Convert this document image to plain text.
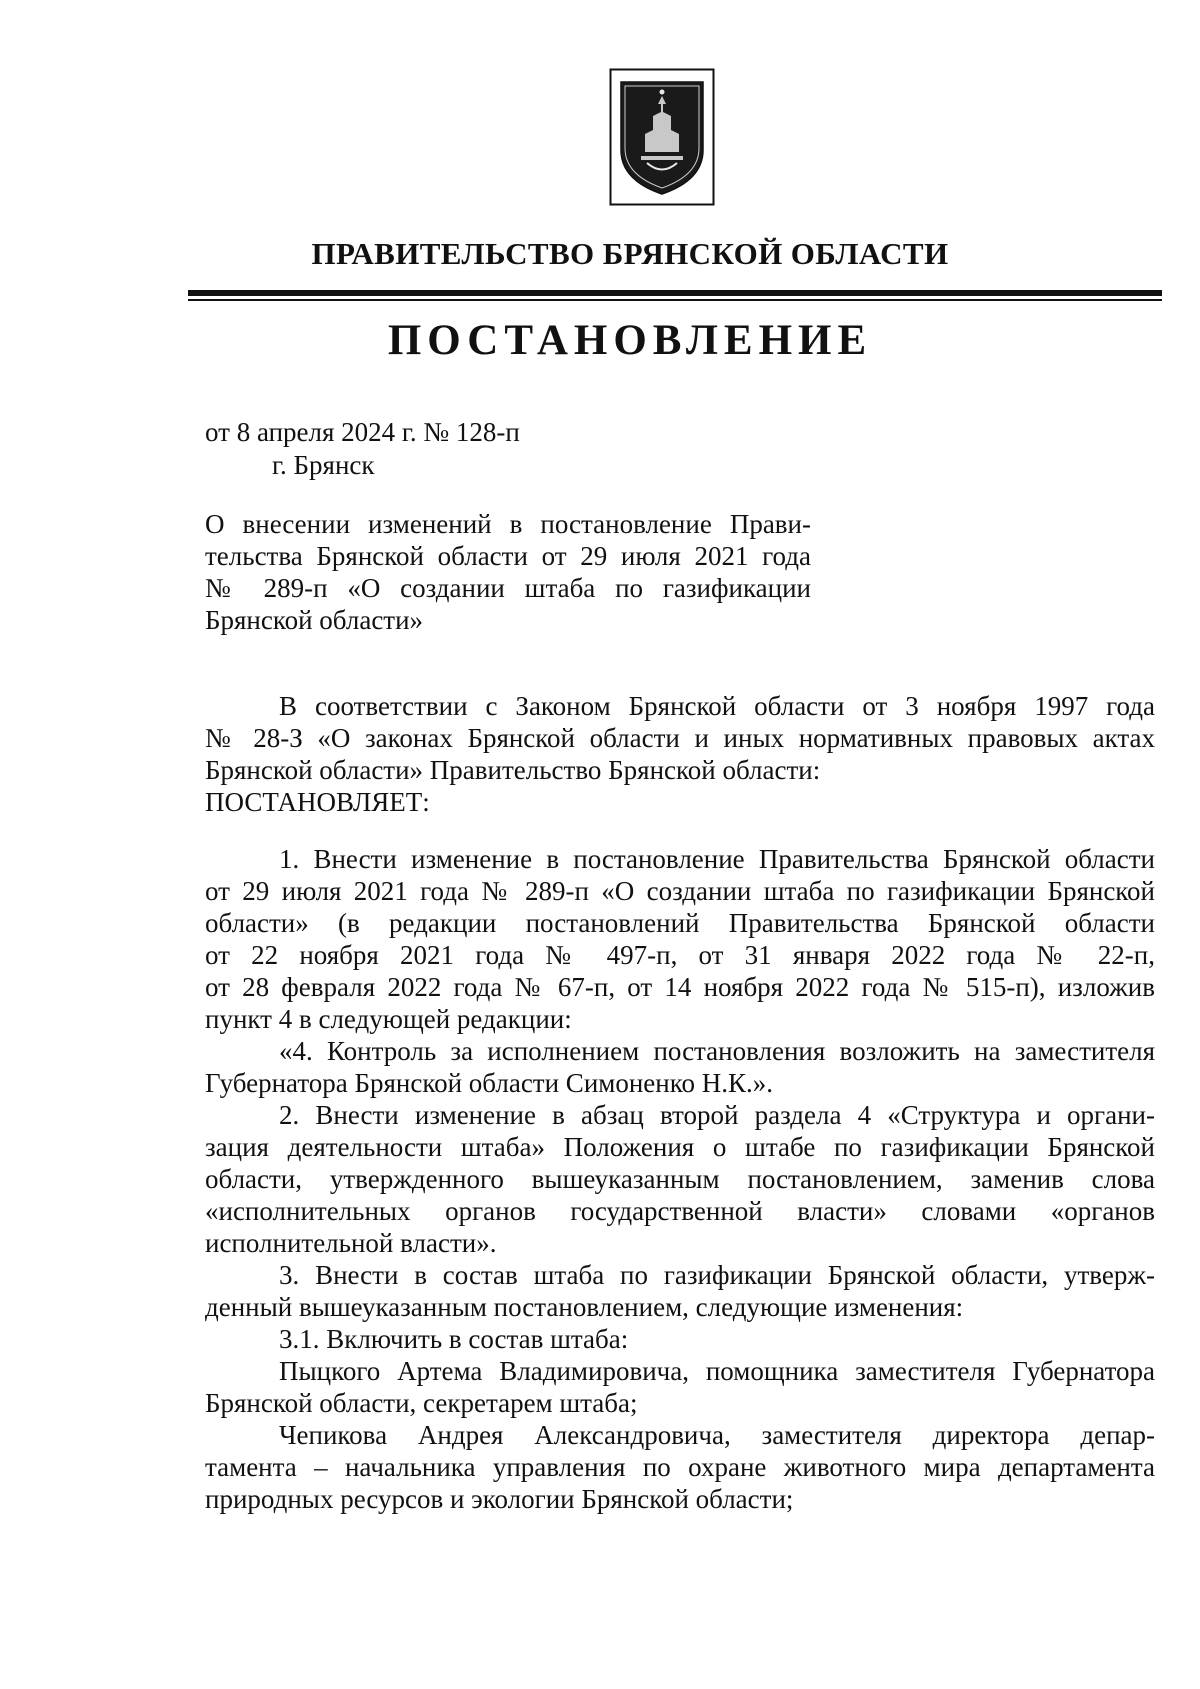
ПРАВИТЕЛЬСТВО БРЯНСКОЙ ОБЛАСТИ
ПОСТАНОВЛЕНИЕ
от 8 апреля 2024 г. № 128-п
г. Брянск
О внесении изменений в постановление Прави-
тельства Брянской области от 29 июля 2021 года
№ 289-п «О создании штаба по газификации
Брянской области»
В соответствии с Законом Брянской области от 3 ноября 1997 года
№ 28-З «О законах Брянской области и иных нормативных правовых актах
Брянской области» Правительство Брянской области:
ПОСТАНОВЛЯЕТ:
1. Внести изменение в постановление Правительства Брянской области
от 29 июля 2021 года № 289-п «О создании штаба по газификации Брянской
области» (в редакции постановлений Правительства Брянской области
от 22 ноября 2021 года № 497-п, от 31 января 2022 года № 22-п,
от 28 февраля 2022 года № 67-п, от 14 ноября 2022 года № 515-п), изложив
пункт 4 в следующей редакции:
«4. Контроль за исполнением постановления возложить на заместителя
Губернатора Брянской области Симоненко Н.К.».
2. Внести изменение в абзац второй раздела 4 «Структура и органи-
зация деятельности штаба» Положения о штабе по газификации Брянской
области, утвержденного вышеуказанным постановлением, заменив слова
«исполнительных органов государственной власти» словами «органов
исполнительной власти».
3. Внести в состав штаба по газификации Брянской области, утверж-
денный вышеуказанным постановлением, следующие изменения:
3.1. Включить в состав штаба:
Пыцкого Артема Владимировича, помощника заместителя Губернатора
Брянской области, секретарем штаба;
Чепикова Андрея Александровича, заместителя директора депар-
тамента – начальника управления по охране животного мира департамента
природных ресурсов и экологии Брянской области;
